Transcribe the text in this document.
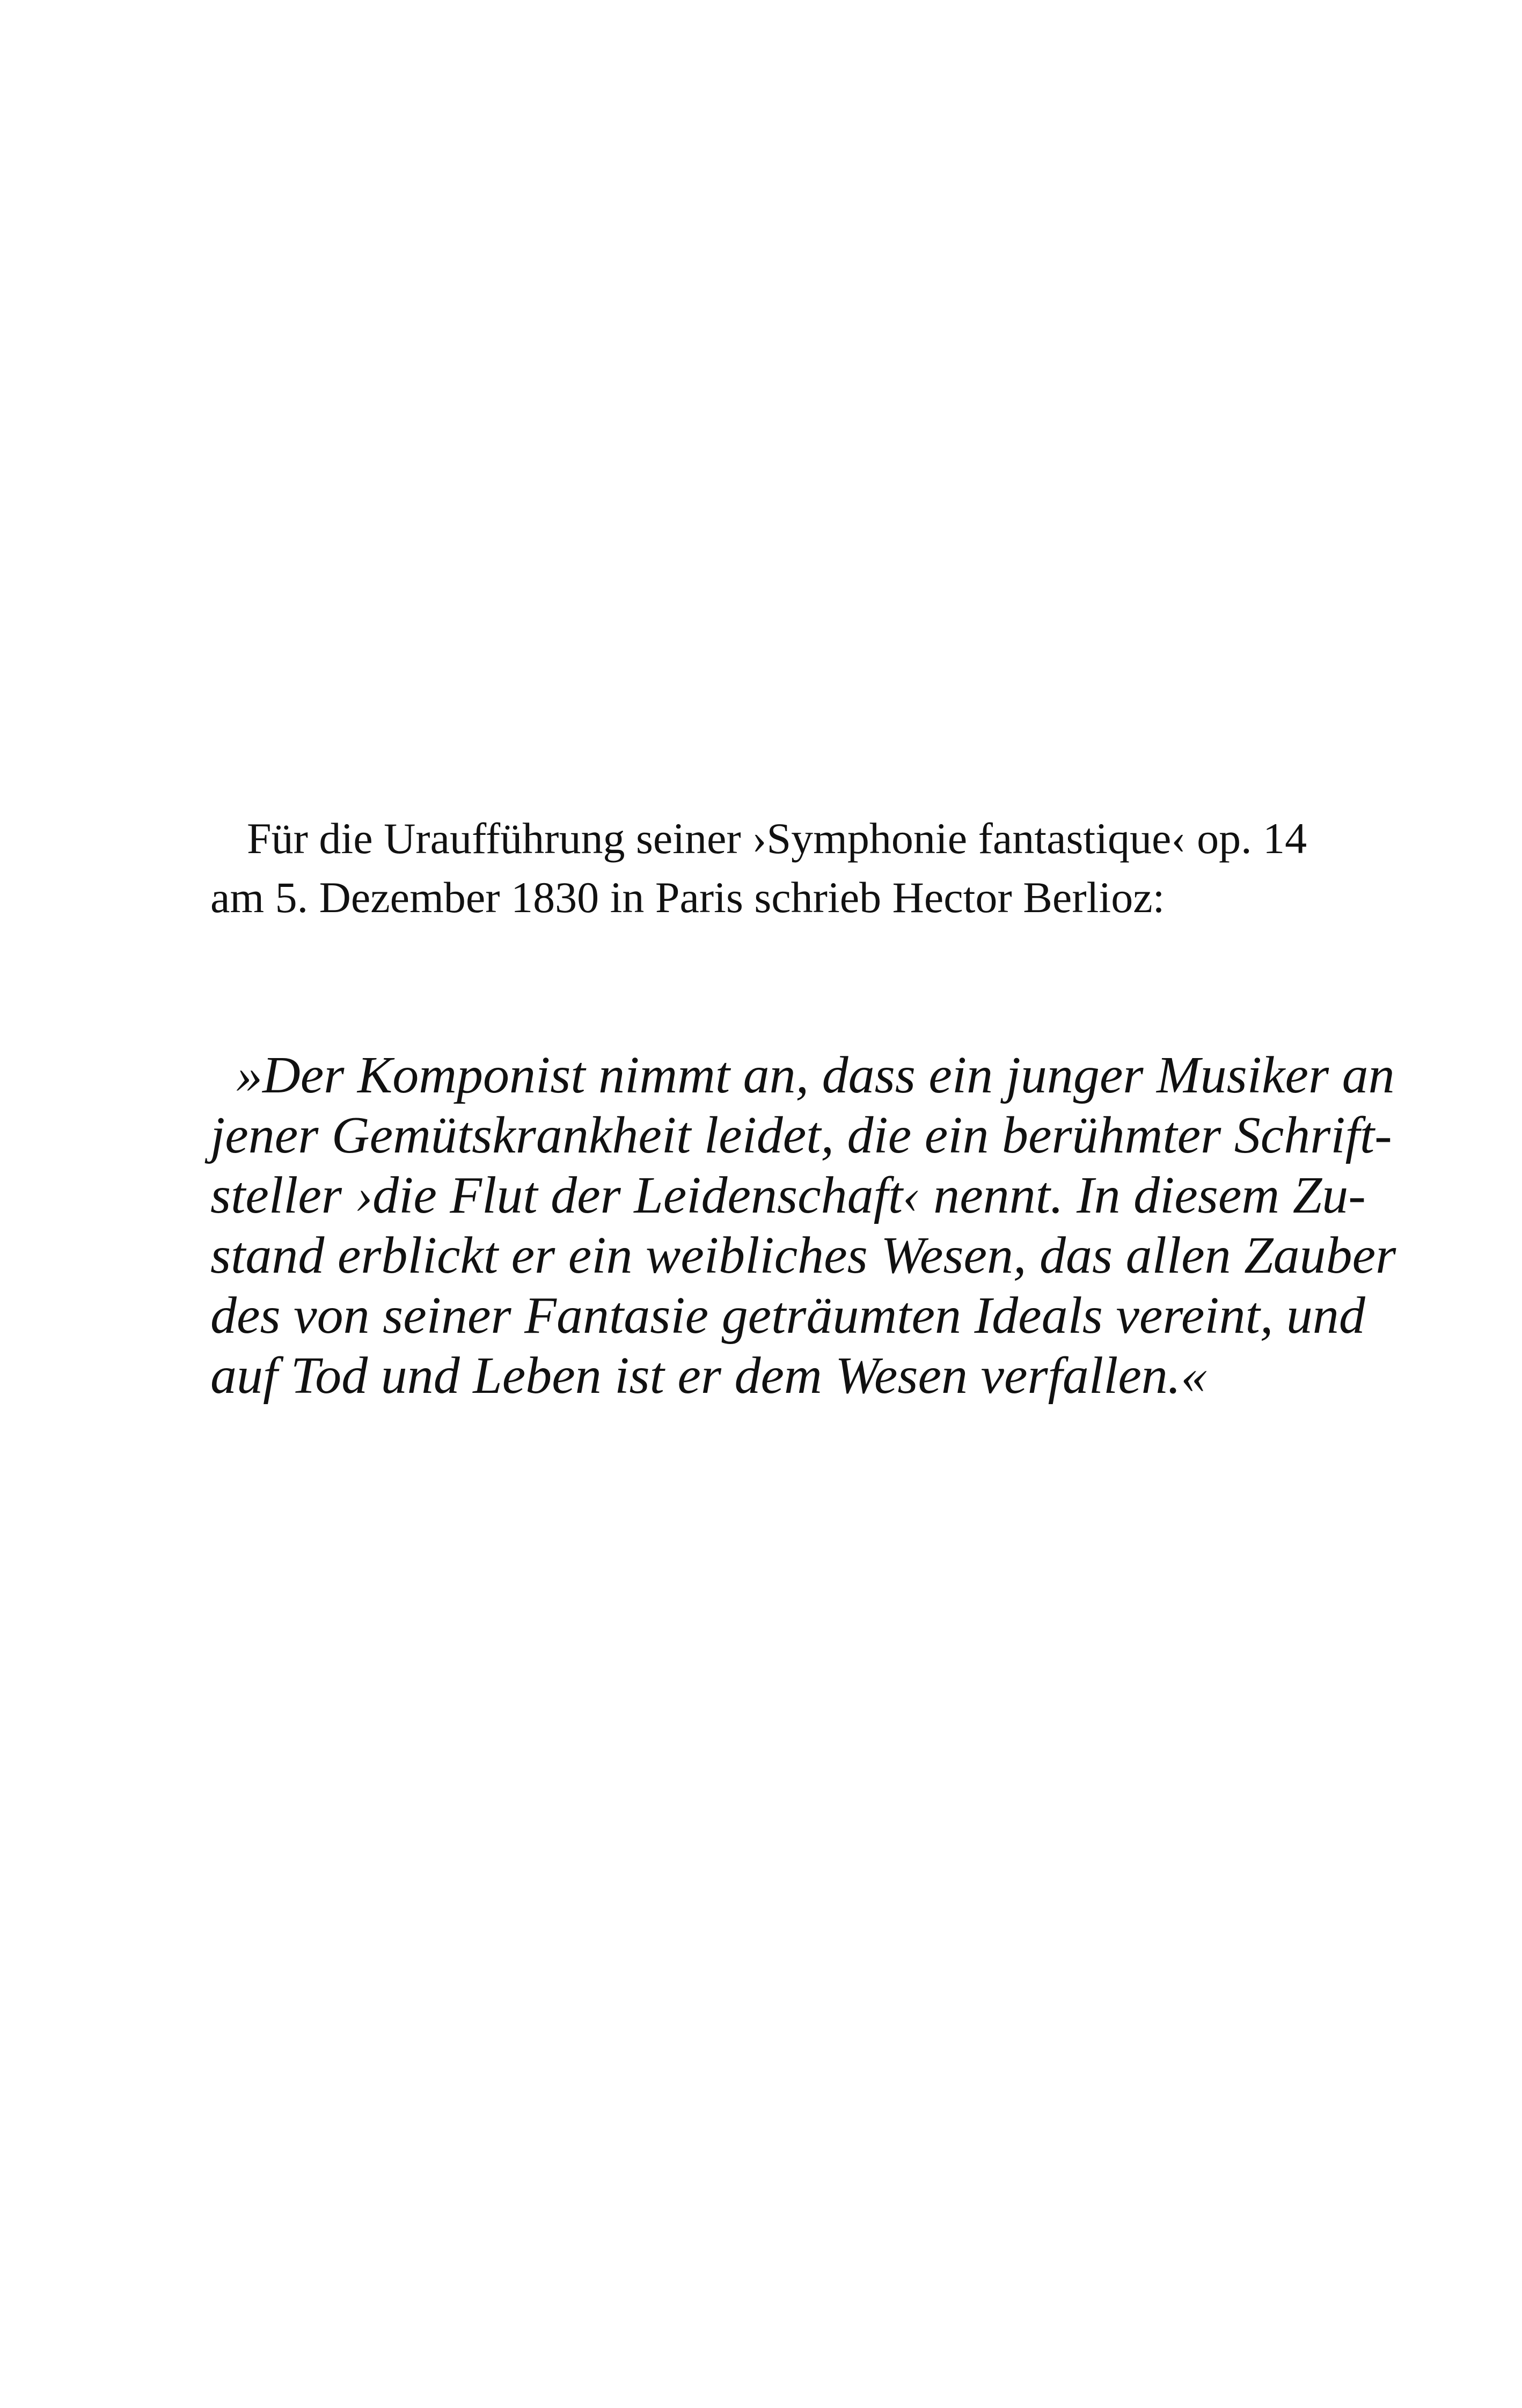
Für die Uraufführung seiner ›Symphonie fantastique‹ op. 14
am 5. Dezember 1830 in Paris schrieb Hector Berlioz:
»Der Komponist nimmt an, dass ein junger Musiker an
jener Gemütskrankheit leidet, die ein berühmter Schrift-
steller ›die Flut der Leidenschaft‹ nennt. In diesem Zu-
stand erblickt er ein weibliches Wesen, das allen Zauber
des von seiner Fantasie geträumten Ideals vereint, und
auf Tod und Leben ist er dem Wesen verfallen.«
